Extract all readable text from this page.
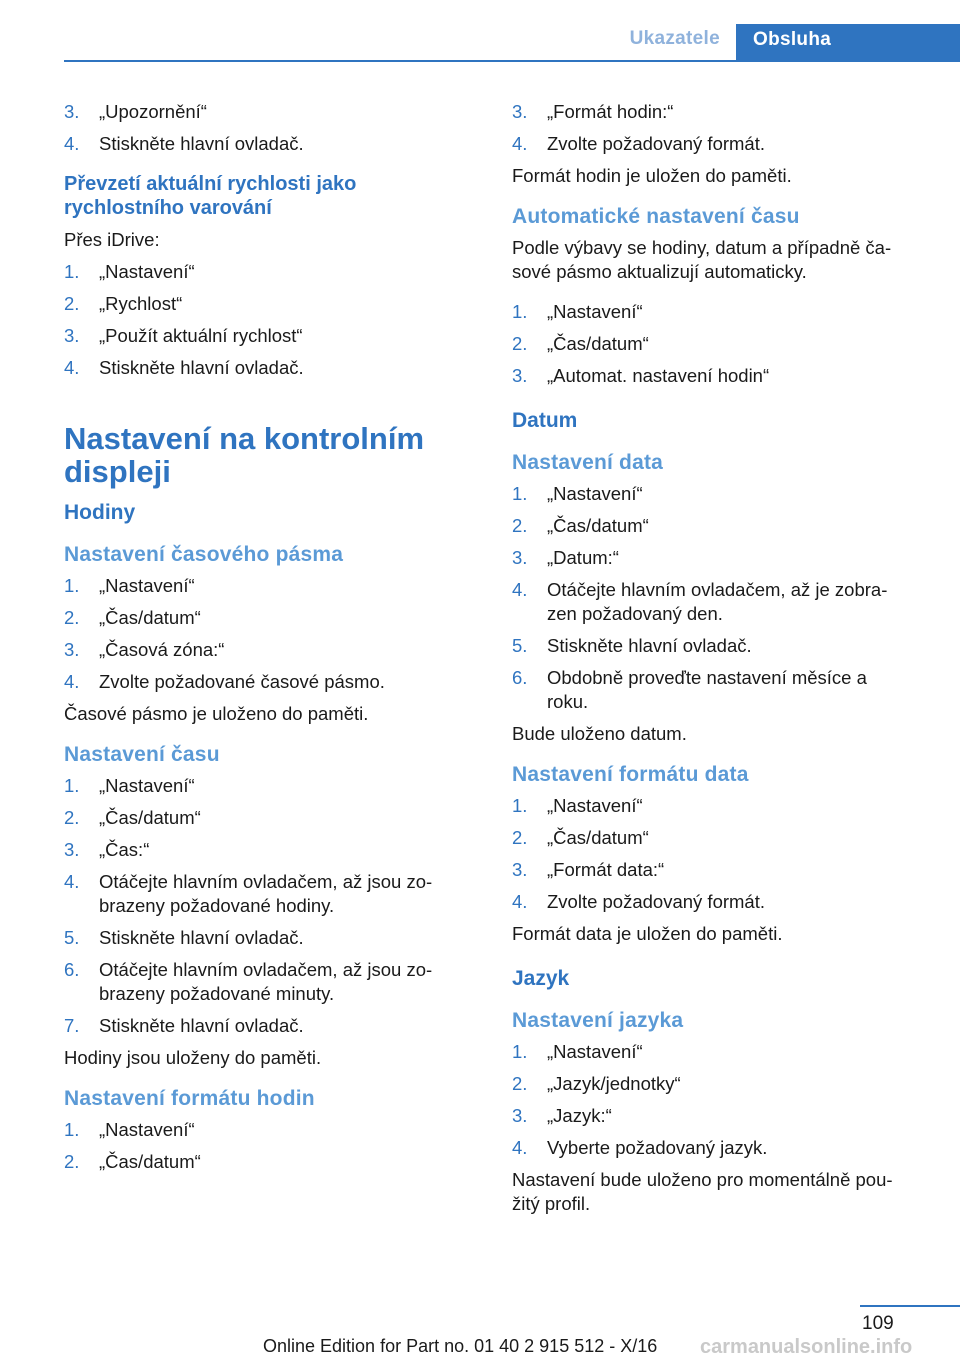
Ukazatele	Obsluha
3. „Upozornění“
4. Stiskněte hlavní ovladač.
Převzetí aktuální rychlosti jako rychlostního varování

Přes iDrive:

1. „Nastavení“
2. „Rychlost“
3. „Použít aktuální rychlost“
4. Stiskněte hlavní ovladač.
Nastavení na kontrolním displeji
Hodiny
Nastavení časového pásma
1. „Nastavení“
2. „Čas/datum“
3. „Časová zóna:“
4. Zvolte požadované časové pásmo.

Časové pásmo je uloženo do paměti.

Nastavení času
1. „Nastavení“
2. „Čas/datum“
3. „Čas:“
4. Otáčejte hlavním ovladačem, až jsou zo-brazeny požadované hodiny.
5. Stiskněte hlavní ovladač.
6. Otáčejte hlavním ovladačem, až jsou zo-brazeny požadované minuty.
7. Stiskněte hlavní ovladač.

Hodiny jsou uloženy do paměti.

Nastavení formátu hodin
1. „Nastavení“
2. „Čas/datum“
3. „Formát hodin:“
4. Zvolte požadovaný formát.

Formát hodin je uložen do paměti.

Automatické nastavení času

Podle výbavy se hodiny, datum a případně ča-sové pásmo aktualizují automaticky.

1. „Nastavení“
2. „Čas/datum“
3. „Automat. nastavení hodin“
Datum
Nastavení data
1. „Nastavení“
2. „Čas/datum“
3. „Datum:“
4. Otáčejte hlavním ovladačem, až je zobra-zen požadovaný den.
5. Stiskněte hlavní ovladač.
6. Obdobně proveďte nastavení měsíce a roku.

Bude uloženo datum.

Nastavení formátu data
1. „Nastavení“
2. „Čas/datum“
3. „Formát data:“
4. Zvolte požadovaný formát.

Formát data je uložen do paměti.

Jazyk
Nastavení jazyka
1. „Nastavení“
2. „Jazyk/jednotky“
3. „Jazyk:“
4. Vyberte požadovaný jazyk.

Nastavení bude uloženo pro momentálně pou-žitý profil.

109
Online Edition for Part no. 01 40 2 915 512 - X/16 carmanualsonline.info
